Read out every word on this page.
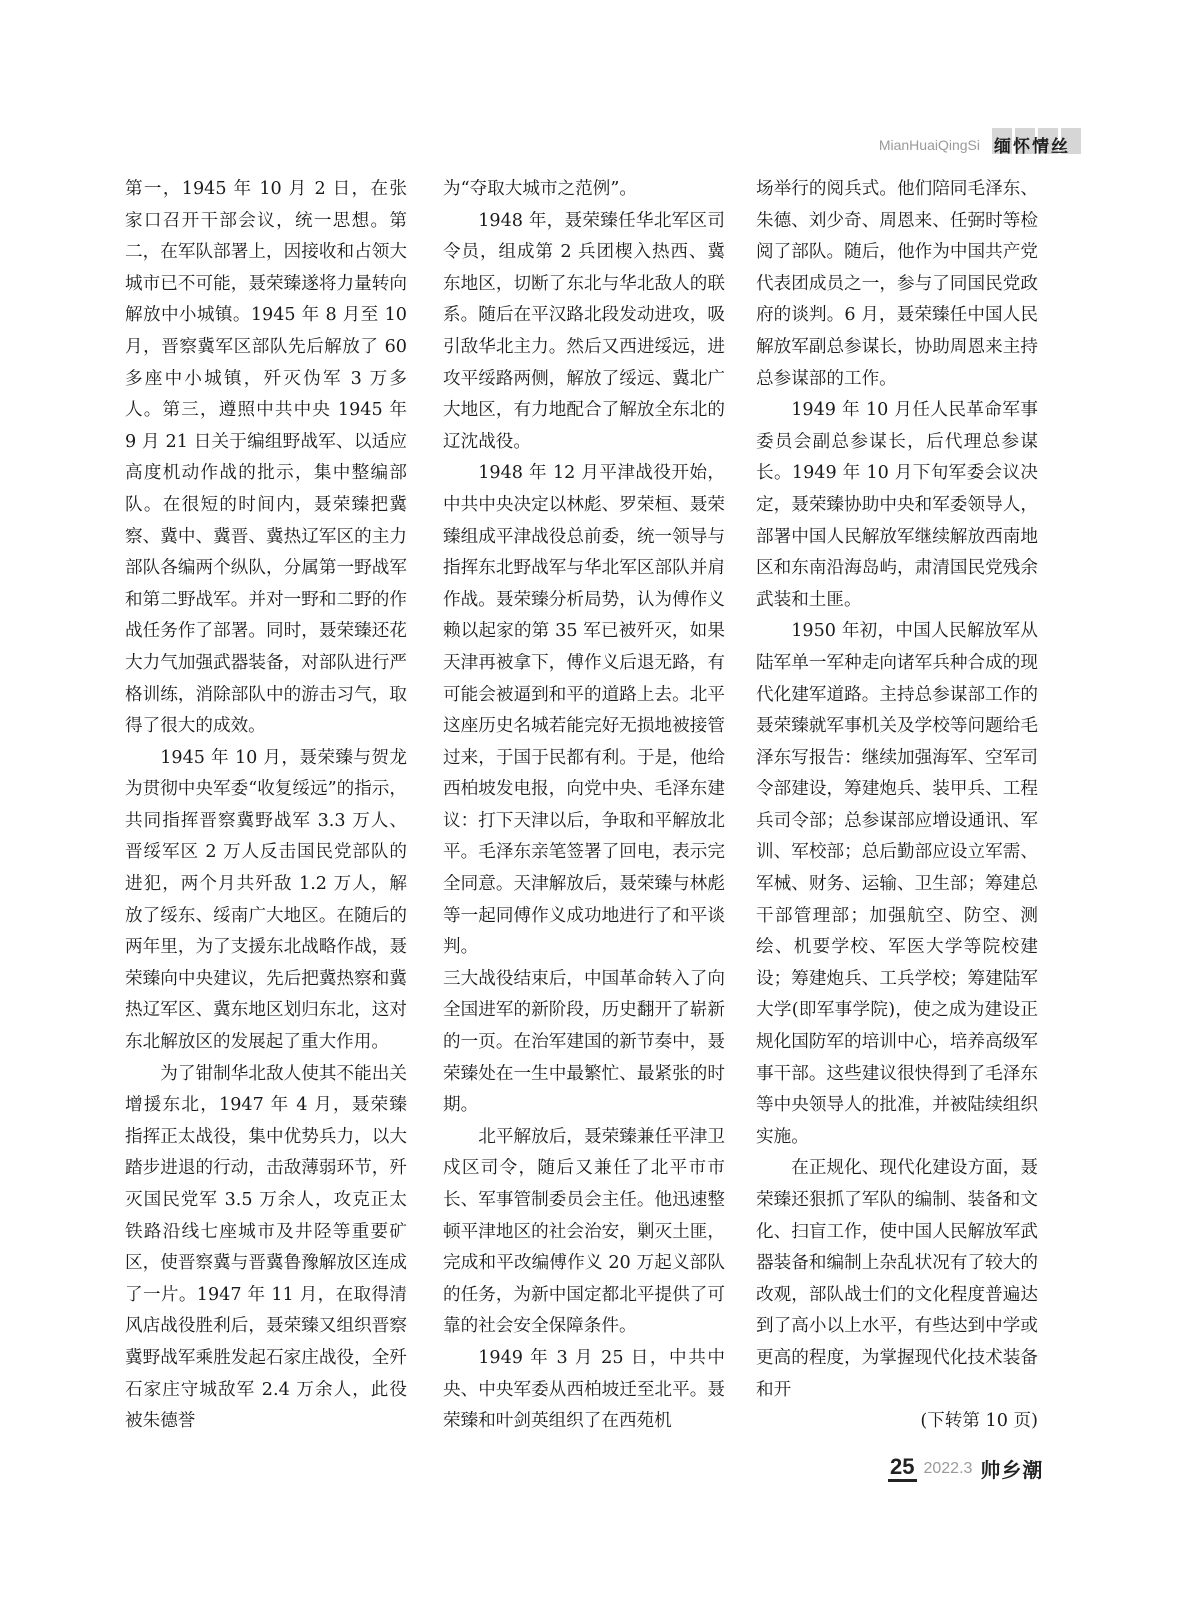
MianHuaiQingSi 缅怀情丝

第一，1945 年 10 月 2 日，在张家口召开干部会议，统一思想。第二，在军队部署上，因接收和占领大城市已不可能，聂荣臻遂将力量转向解放中小城镇。1945 年 8 月至 10 月，晋察冀军区部队先后解放了 60 多座中小城镇，歼灭伪军 3 万多人。第三，遵照中共中央 1945 年 9 月 21 日关于编组野战军、以适应高度机动作战的批示，集中整编部队。在很短的时间内，聂荣臻把冀察、冀中、冀晋、冀热辽军区的主力部队各编两个纵队，分属第一野战军和第二野战军。并对一野和二野的作战任务作了部署。同时，聂荣臻还花大力气加强武器装备，对部队进行严格训练，消除部队中的游击习气，取得了很大的成效。

1945 年 10 月，聂荣臻与贺龙为贯彻中央军委“收复绥远”的指示，共同指挥晋察冀野战军 3.3 万人、晋绥军区 2 万人反击国民党部队的进犯，两个月共歼敌 1.2 万人，解放了绥东、绥南广大地区。在随后的两年里，为了支援东北战略作战，聂荣臻向中央建议，先后把冀热察和冀热辽军区、冀东地区划归东北，这对东北解放区的发展起了重大作用。

为了钳制华北敌人使其不能出关增援东北，1947 年 4 月，聂荣臻指挥正太战役，集中优势兵力，以大踏步进退的行动，击敌薄弱环节，歼灭国民党军 3.5 万余人，攻克正太铁路沿线七座城市及井陉等重要矿区，使晋察冀与晋冀鲁豫解放区连成了一片。1947 年 11 月，在取得清风店战役胜利后，聂荣臻又组织晋察冀野战军乘胜发起石家庄战役，全歼石家庄守城敌军 2.4 万余人，此役被朱德誉

为“夺取大城市之范例”。

1948 年，聂荣臻任华北军区司令员，组成第 2 兵团楔入热西、冀东地区，切断了东北与华北敌人的联系。随后在平汉路北段发动进攻，吸引敌华北主力。然后又西进绥远，进攻平绥路两侧，解放了绥远、冀北广大地区，有力地配合了解放全东北的辽沈战役。

1948 年 12 月平津战役开始，中共中央决定以林彪、罗荣桓、聂荣臻组成平津战役总前委，统一领导与指挥东北野战军与华北军区部队并肩作战。聂荣臻分析局势，认为傅作义赖以起家的第 35 军已被歼灭，如果天津再被拿下，傅作义后退无路，有可能会被逼到和平的道路上去。北平这座历史名城若能完好无损地被接管过来，于国于民都有利。于是，他给西柏坡发电报，向党中央、毛泽东建议：打下天津以后，争取和平解放北平。毛泽东亲笔签署了回电，表示完全同意。天津解放后，聂荣臻与林彪等一起同傅作义成功地进行了和平谈判。

三大战役结束后，中国革命转入了向全国进军的新阶段，历史翻开了崭新的一页。在治军建国的新节奏中，聂荣臻处在一生中最繁忙、最紧张的时期。

北平解放后，聂荣臻兼任平津卫戍区司令，随后又兼任了北平市市长、军事管制委员会主任。他迅速整顿平津地区的社会治安，剿灭土匪，完成和平改编傅作义 20 万起义部队的任务，为新中国定都北平提供了可靠的社会安全保障条件。

1949 年 3 月 25 日，中共中央、中央军委从西柏坡迁至北平。聂荣臻和叶剑英组织了在西苑机

场举行的阅兵式。他们陪同毛泽东、朱德、刘少奇、周恩来、任弼时等检阅了部队。随后，他作为中国共产党代表团成员之一，参与了同国民党政府的谈判。6 月，聂荣臻任中国人民解放军副总参谋长，协助周恩来主持总参谋部的工作。

1949 年 10 月任人民革命军事委员会副总参谋长，后代理总参谋长。1949 年 10 月下旬军委会议决定，聂荣臻协助中央和军委领导人，部署中国人民解放军继续解放西南地区和东南沿海岛屿，肃清国民党残余武装和土匪。

1950 年初，中国人民解放军从陆军单一军种走向诸军兵种合成的现代化建军道路。主持总参谋部工作的聂荣臻就军事机关及学校等问题给毛泽东写报告：继续加强海军、空军司令部建设，筹建炮兵、装甲兵、工程兵司令部；总参谋部应增设通讯、军训、军校部；总后勤部应设立军需、军械、财务、运输、卫生部；筹建总干部管理部；加强航空、防空、测绘、机要学校、军医大学等院校建设；筹建炮兵、工兵学校；筹建陆军大学(即军事学院)，使之成为建设正规化国防军的培训中心，培养高级军事干部。这些建议很快得到了毛泽东等中央领导人的批准，并被陆续组织实施。

在正规化、现代化建设方面，聂荣臻还狠抓了军队的编制、装备和文化、扫盲工作，使中国人民解放军武器装备和编制上杂乱状况有了较大的改观，部队战士们的文化程度普遍达到了高小以上水平，有些达到中学或更高的程度，为掌握现代化技术装备和开

(下转第 10 页)

25 2022.3 帅乡潮
